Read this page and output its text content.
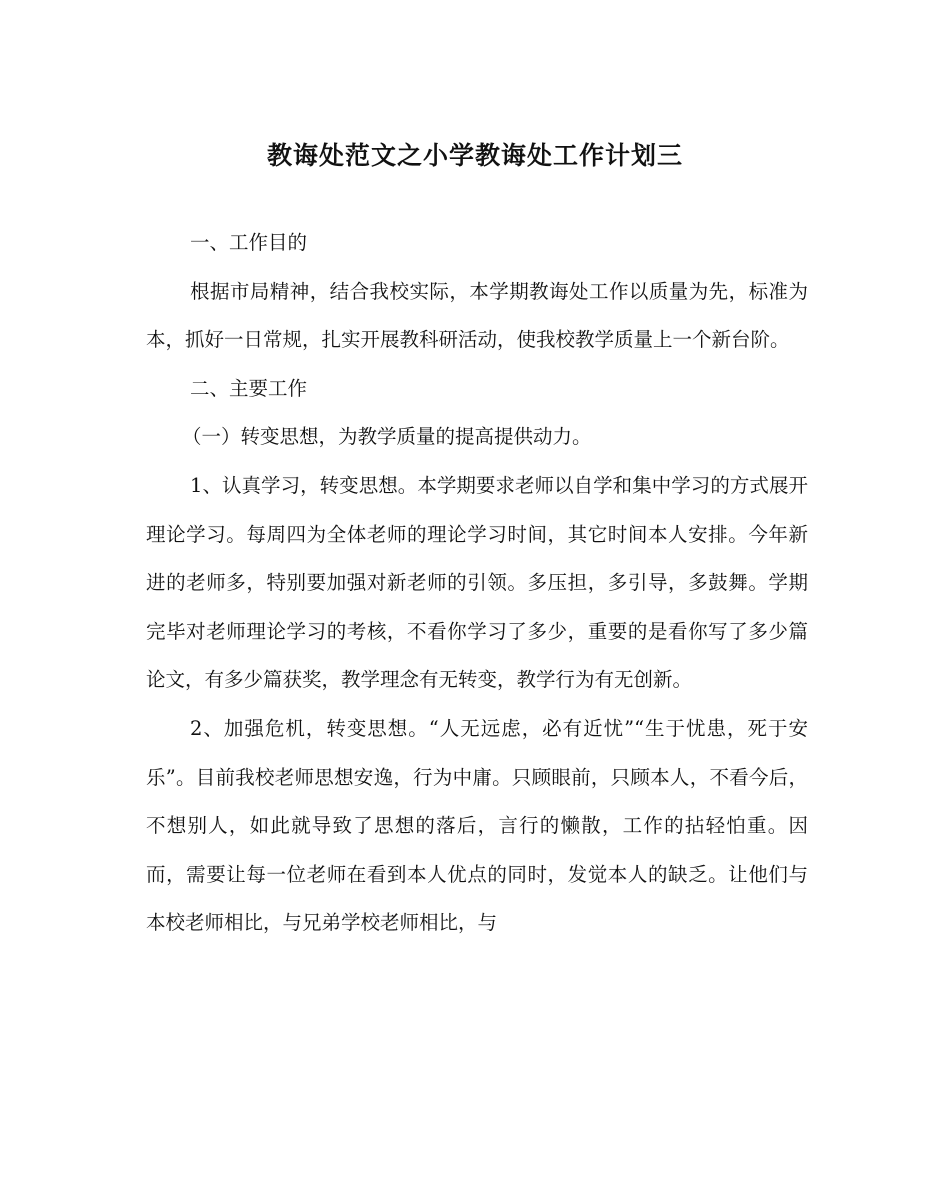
教诲处范文之小学教诲处工作计划三

一、工作目的

根据市局精神，结合我校实际，本学期教诲处工作以质量为先，标准为本，抓好一日常规，扎实开展教科研活动，使我校教学质量上一个新台阶。

二、主要工作

（一）转变思想，为教学质量的提高提供动力。

1、认真学习，转变思想。本学期要求老师以自学和集中学习的方式展开理论学习。每周四为全体老师的理论学习时间，其它时间本人安排。今年新进的老师多，特别要加强对新老师的引领。多压担，多引导，多鼓舞。学期完毕对老师理论学习的考核，不看你学习了多少，重要的是看你写了多少篇论文，有多少篇获奖，教学理念有无转变，教学行为有无创新。

2、加强危机，转变思想。“人无远虑，必有近忧”“生于忧患，死于安乐”。目前我校老师思想安逸，行为中庸。只顾眼前，只顾本人，不看今后，不想别人，如此就导致了思想的落后，言行的懒散，工作的拈轻怕重。因而，需要让每一位老师在看到本人优点的同时，发觉本人的缺乏。让他们与本校老师相比，与兄弟学校老师相比，与
